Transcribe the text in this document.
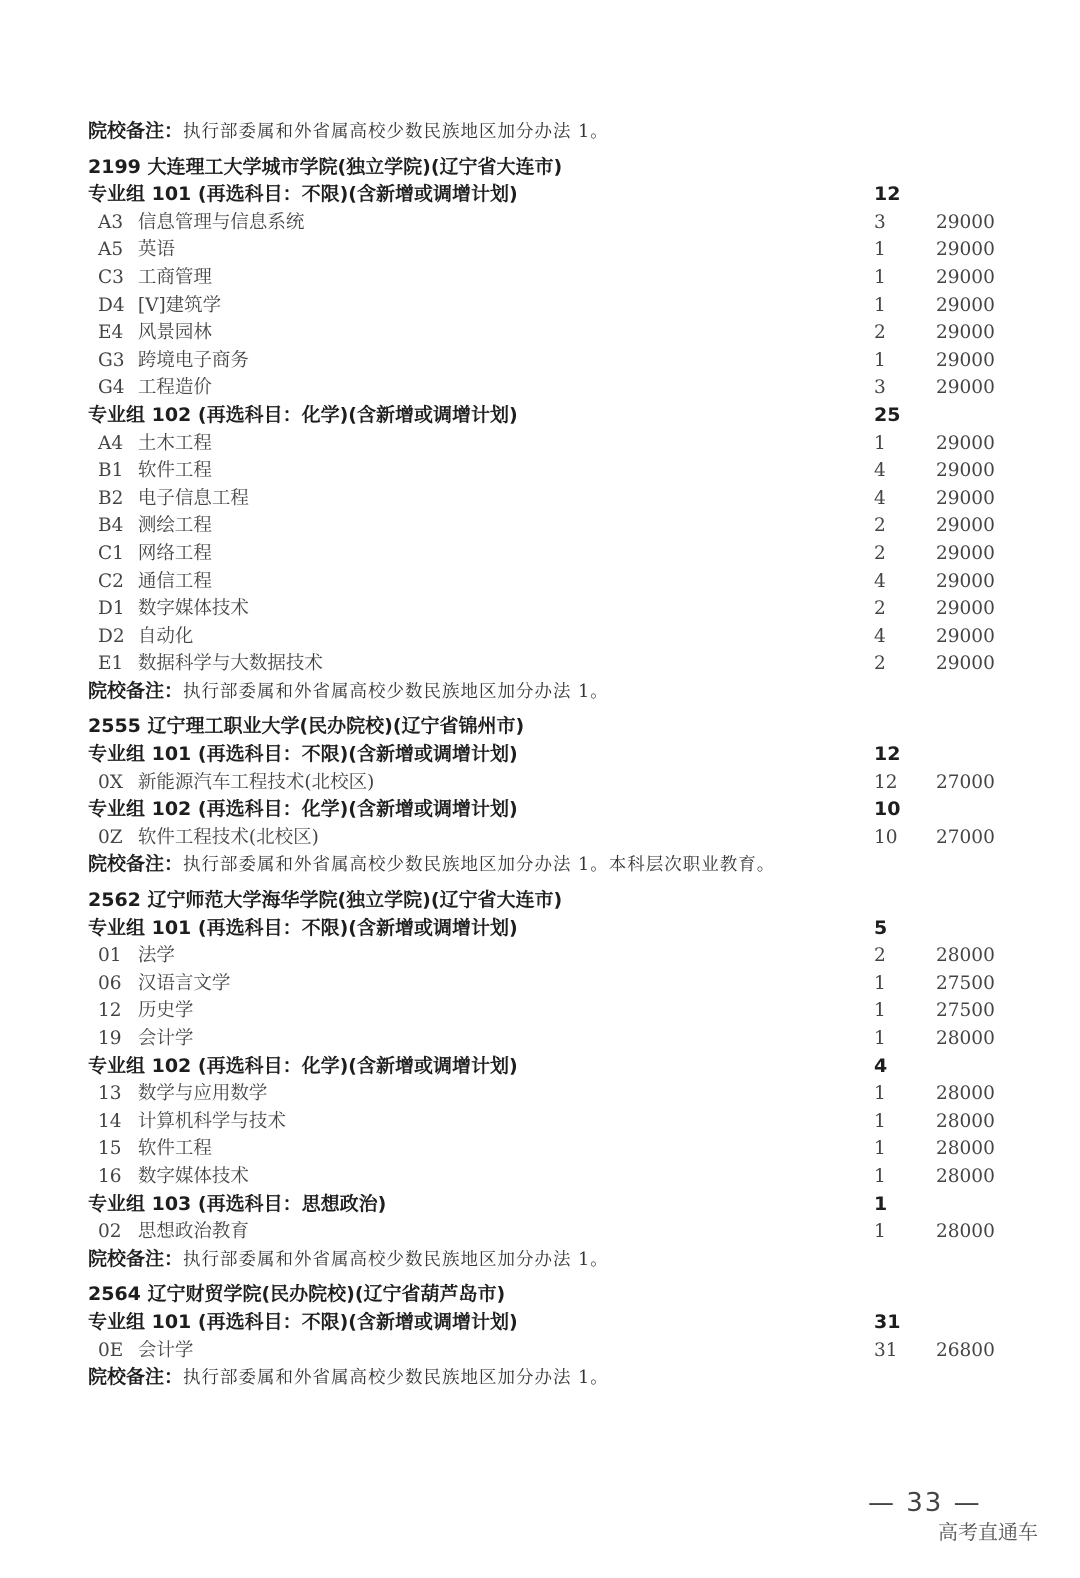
院校备注：执行部委属和外省属高校少数民族地区加分办法 1。
2199 大连理工大学城市学院(独立学院)(辽宁省大连市)
专业组 101 (再选科目：不限)(含新增或调增计划)	12
A3 信息管理与信息系统	3	29000
A5 英语	1	29000
C3 工商管理	1	29000
D4 [Ⅴ]建筑学	1	29000
E4 风景园林	2	29000
G3 跨境电子商务	1	29000
G4 工程造价	3	29000
专业组 102 (再选科目：化学)(含新增或调增计划)	25
A4 土木工程	1	29000
B1 软件工程	4	29000
B2 电子信息工程	4	29000
B4 测绘工程	2	29000
C1 网络工程	2	29000
C2 通信工程	4	29000
D1 数字媒体技术	2	29000
D2 自动化	4	29000
E1 数据科学与大数据技术	2	29000
院校备注：执行部委属和外省属高校少数民族地区加分办法 1。
2555 辽宁理工职业大学(民办院校)(辽宁省锦州市)
专业组 101 (再选科目：不限)(含新增或调增计划)	12
0X 新能源汽车工程技术(北校区)	12	27000
专业组 102 (再选科目：化学)(含新增或调增计划)	10
0Z 软件工程技术(北校区)	10	27000
院校备注：执行部委属和外省属高校少数民族地区加分办法 1。本科层次职业教育。
2562 辽宁师范大学海华学院(独立学院)(辽宁省大连市)
专业组 101 (再选科目：不限)(含新增或调增计划)	5
01 法学	2	28000
06 汉语言文学	1	27500
12 历史学	1	27500
19 会计学	1	28000
专业组 102 (再选科目：化学)(含新增或调增计划)	4
13 数学与应用数学	1	28000
14 计算机科学与技术	1	28000
15 软件工程	1	28000
16 数字媒体技术	1	28000
专业组 103 (再选科目：思想政治)	1
02 思想政治教育	1	28000
院校备注：执行部委属和外省属高校少数民族地区加分办法 1。
2564 辽宁财贸学院(民办院校)(辽宁省葫芦岛市)
专业组 101 (再选科目：不限)(含新增或调增计划)	31
0E 会计学	31	26800
院校备注：执行部委属和外省属高校少数民族地区加分办法 1。
— 33 —
高考直通车
